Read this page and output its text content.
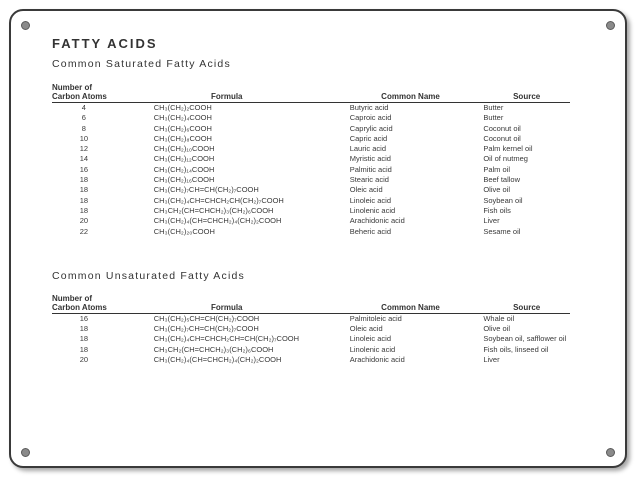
FATTY ACIDS
Common Saturated Fatty Acids
Number of
Carbon Atoms	Formula	Common Name	Source
4	CH₃(CH₂)₂COOH	Butyric acid	Butter
6	CH₃(CH₂)₄COOH	Caproic acid	Butter
8	CH₃(CH₂)₆COOH	Caprylic acid	Coconut oil
10	CH₃(CH₂)₈COOH	Capric acid	Coconut oil
12	CH₃(CH₂)₁₀COOH	Lauric acid	Palm kernel oil
14	CH₃(CH₂)₁₂COOH	Myristic acid	Oil of nutmeg
16	CH₃(CH₂)₁₄COOH	Palmitic acid	Palm oil
18	CH₃(CH₂)₁₆COOH	Stearic acid	Beef tallow
18	CH₃(CH₂)₇CH=CH(CH₂)₇COOH	Oleic acid	Olive oil
18	CH₃(CH₂)₄CH=CHCH₂CH(CH₂)₇COOH	Linoleic acid	Soybean oil
18	CH₃CH₂(CH=CHCH₂)₃(CH₂)₆COOH	Linolenic acid	Fish oils
20	CH₃(CH₂)₄(CH=CHCH₂)₄(CH₂)₂COOH	Arachidonic acid	Liver
22	CH₃(CH₂)₂₀COOH	Beheric acid	Sesame oil
Common Unsaturated Fatty Acids
Number of
Carbon Atoms	Formula	Common Name	Source
16	CH₃(CH₂)₅CH=CH(CH₂)₇COOH	Palmitoleic acid	Whale oil
18	CH₃(CH₂)₇CH=CH(CH₂)₇COOH	Oleic acid	Olive oil
18	CH₃(CH₂)₄CH=CHCH₂CH=CH(CH₂)₇COOH	Linoleic acid	Soybean oil, safflower oil
18	CH₃CH₂(CH=CHCH₂)₃(CH₂)₆COOH	Linolenic acid	Fish oils, linseed oil
20	CH₃(CH₂)₄(CH=CHCH₂)₄(CH₂)₂COOH	Arachidonic acid	Liver
